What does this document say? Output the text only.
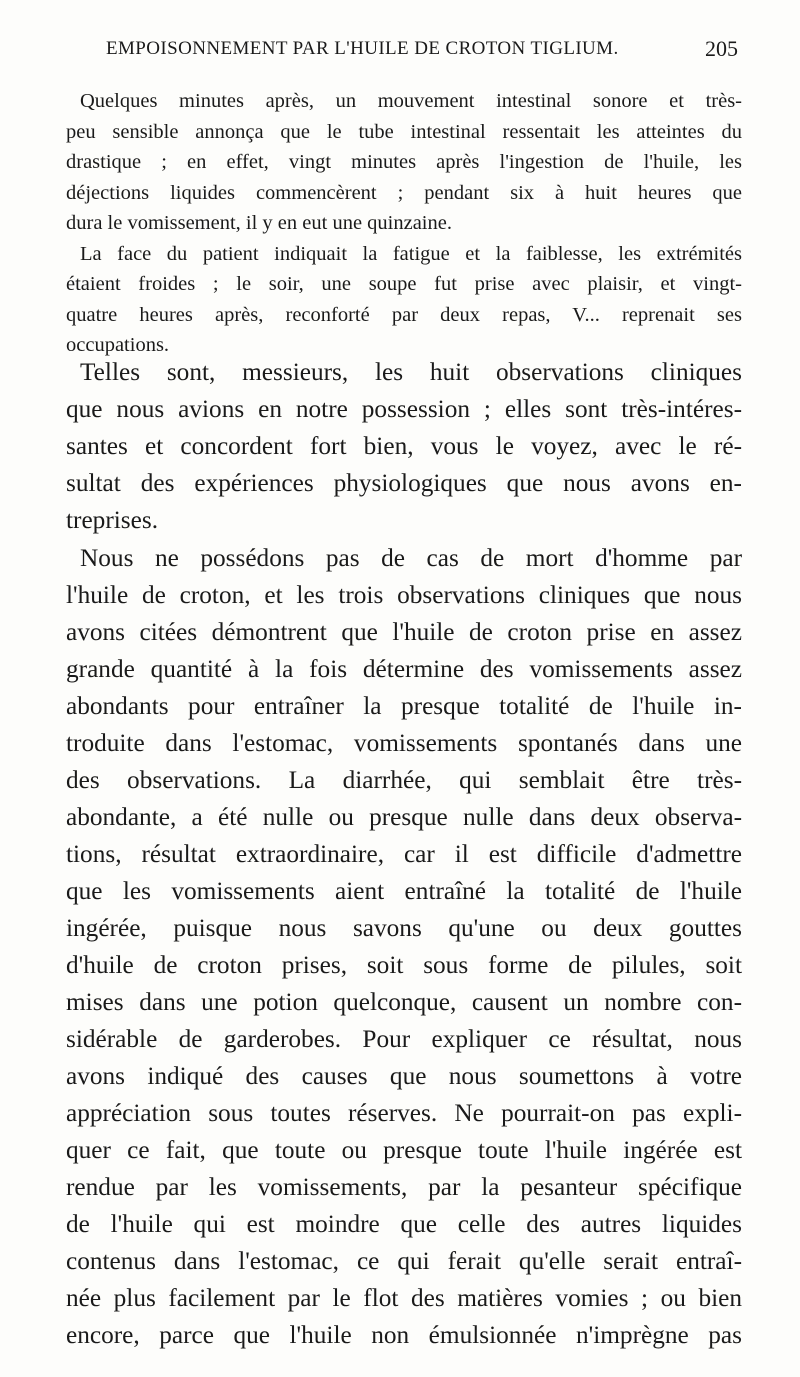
EMPOISONNEMENT PAR L'HUILE DE CROTON TIGLIUM.	205

Quelques minutes après, un mouvement intestinal sonore et très-
peu sensible annonça que le tube intestinal ressentait les atteintes du
drastique ; en effet, vingt minutes après l'ingestion de l'huile, les
déjections liquides commencèrent ; pendant six à huit heures que
dura le vomissement, il y en eut une quinzaine.

La face du patient indiquait la fatigue et la faiblesse, les extrémités
étaient froides ; le soir, une soupe fut prise avec plaisir, et vingt-
quatre heures après, reconforté par deux repas, V... reprenait ses
occupations.

Telles sont, messieurs, les huit observations cliniques
que nous avions en notre possession ; elles sont très-intéres-
santes et concordent fort bien, vous le voyez, avec le ré-
sultat des expériences physiologiques que nous avons en-
treprises.

Nous ne possédons pas de cas de mort d'homme par
l'huile de croton, et les trois observations cliniques que nous
avons citées démontrent que l'huile de croton prise en assez
grande quantité à la fois détermine des vomissements assez
abondants pour entraîner la presque totalité de l'huile in-
troduite dans l'estomac, vomissements spontanés dans une
des observations. La diarrhée, qui semblait être très-
abondante, a été nulle ou presque nulle dans deux observa-
tions, résultat extraordinaire, car il est difficile d'admettre
que les vomissements aient entraîné la totalité de l'huile
ingérée, puisque nous savons qu'une ou deux gouttes
d'huile de croton prises, soit sous forme de pilules, soit
mises dans une potion quelconque, causent un nombre con-
sidérable de garderobes. Pour expliquer ce résultat, nous
avons indiqué des causes que nous soumettons à votre
appréciation sous toutes réserves. Ne pourrait-on pas expli-
quer ce fait, que toute ou presque toute l'huile ingérée est
rendue par les vomissements, par la pesanteur spécifique
de l'huile qui est moindre que celle des autres liquides
contenus dans l'estomac, ce qui ferait qu'elle serait entraî-
née plus facilement par le flot des matières vomies ; ou bien
encore, parce que l'huile non émulsionnée n'imprègne pas
